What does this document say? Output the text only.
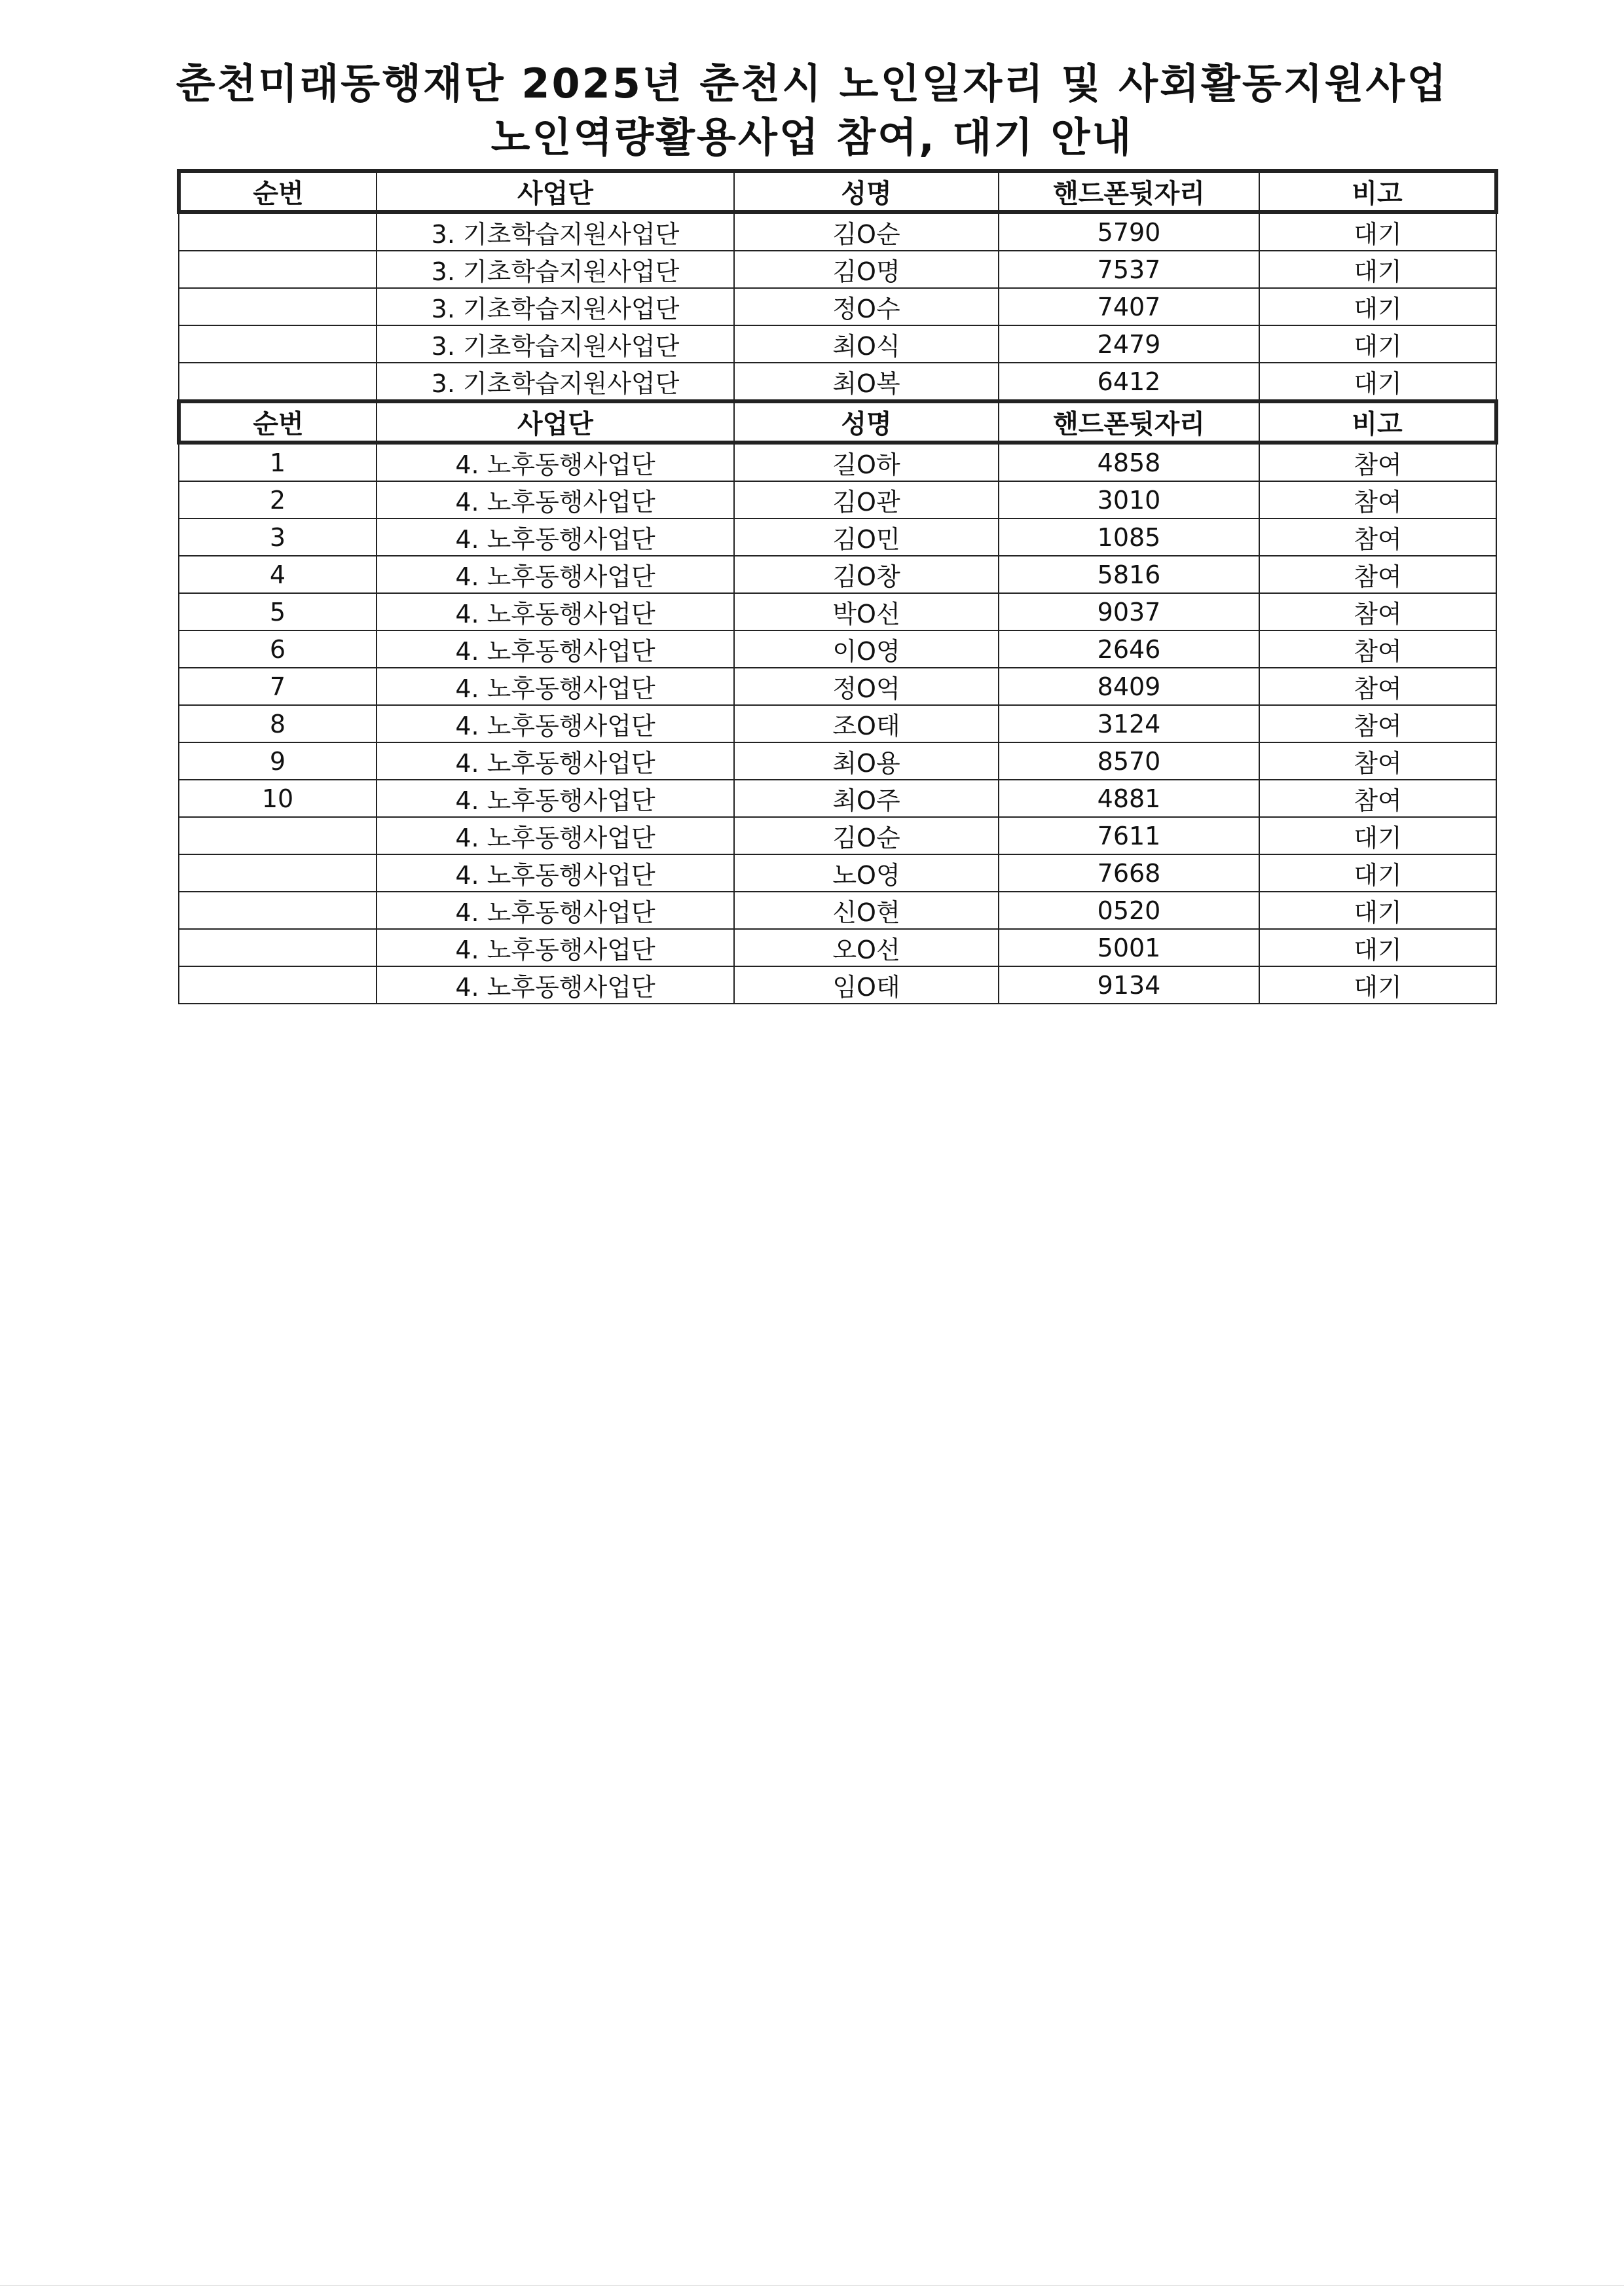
춘천미래동행재단 2025년 춘천시 노인일자리 및 사회활동지원사업
노인역량활용사업 참여, 대기 안내
순번	사업단	성명	핸드폰뒷자리	비고
	3. 기초학습지원사업단	김O순	5790	대기
	3. 기초학습지원사업단	김O명	7537	대기
	3. 기초학습지원사업단	정O수	7407	대기
	3. 기초학습지원사업단	최O식	2479	대기
	3. 기초학습지원사업단	최O복	6412	대기
순번	사업단	성명	핸드폰뒷자리	비고
1	4. 노후동행사업단	길O하	4858	참여
2	4. 노후동행사업단	김O관	3010	참여
3	4. 노후동행사업단	김O민	1085	참여
4	4. 노후동행사업단	김O창	5816	참여
5	4. 노후동행사업단	박O선	9037	참여
6	4. 노후동행사업단	이O영	2646	참여
7	4. 노후동행사업단	정O억	8409	참여
8	4. 노후동행사업단	조O태	3124	참여
9	4. 노후동행사업단	최O용	8570	참여
10	4. 노후동행사업단	최O주	4881	참여
	4. 노후동행사업단	김O순	7611	대기
	4. 노후동행사업단	노O영	7668	대기
	4. 노후동행사업단	신O현	0520	대기
	4. 노후동행사업단	오O선	5001	대기
	4. 노후동행사업단	임O태	9134	대기
